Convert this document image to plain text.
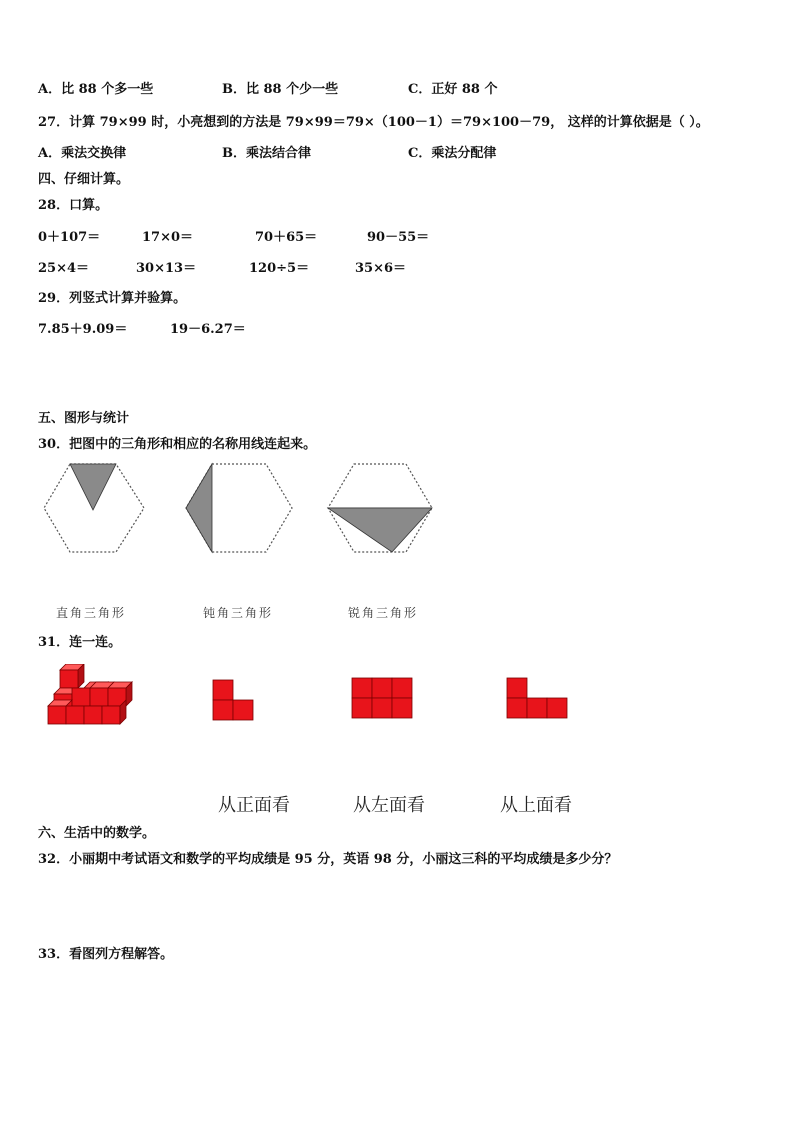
A．比 88 个多一些	B．比 88 个少一些	C．正好 88 个
27．计算 79×99 时，小亮想到的方法是 79×99＝79×（100－1）＝79×100－79， 这样的计算依据是（ ）。
A．乘法交换律	B．乘法结合律	C．乘法分配律
四、仔细计算。
28．口算。
0＋107＝	17×0＝	70＋65＝	90－55＝
25×4＝	30×13＝	120÷5＝	35×6＝
29．列竖式计算并验算。
7.85＋9.09＝	19－6.27＝
五、图形与统计
30．把图中的三角形和相应的名称用线连起来。
直角三角形	钝角三角形	锐角三角形
31．连一连。
从正面看	从左面看	从上面看
六、生活中的数学。
32．小丽期中考试语文和数学的平均成绩是 95 分，英语 98 分，小丽这三科的平均成绩是多少分？
33．看图列方程解答。
